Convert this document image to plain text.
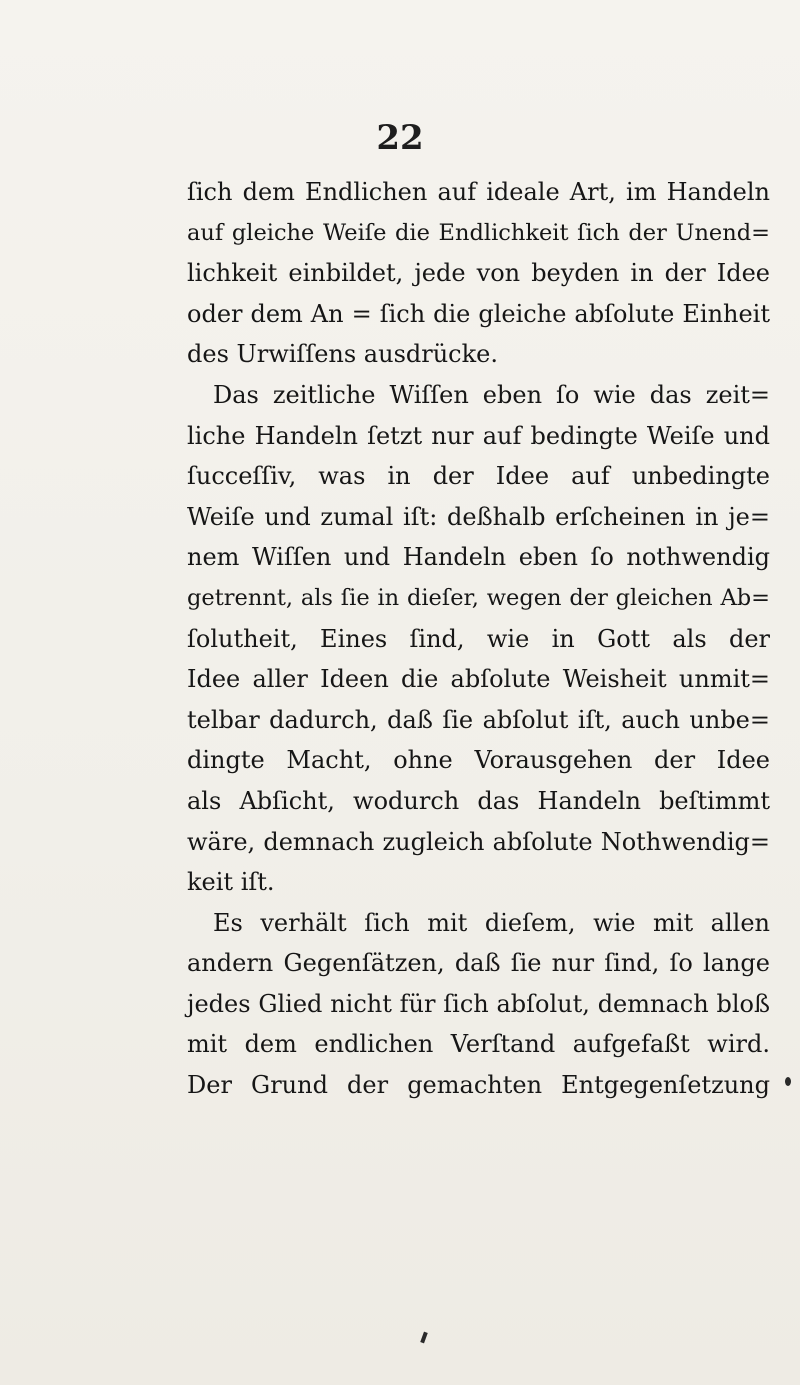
22
ſich dem Endlichen auf ideale Art, im Handeln
auf gleiche Weiſe die Endlichkeit ſich der Unend=
lichkeit einbildet, jede von beyden in der Idee
oder dem An = ſich die gleiche abſolute Einheit
des Urwiſſens ausdrücke.
Das zeitliche Wiſſen eben ſo wie das zeit=
liche Handeln ſetzt nur auf bedingte Weiſe und
ſucceſſiv, was in der Idee auf unbedingte
Weiſe und zumal iſt: deßhalb erſcheinen in je=
nem Wiſſen und Handeln eben ſo nothwendig
getrennt, als ſie in dieſer, wegen der gleichen Ab=
ſolutheit, Eines ſind, wie in Gott als der
Idee aller Ideen die abſolute Weisheit unmit=
telbar dadurch, daß ſie abſolut iſt, auch unbe=
dingte Macht, ohne Vorausgehen der Idee
als Abſicht, wodurch das Handeln beſtimmt
wäre, demnach zugleich abſolute Nothwendig=
keit iſt.
Es verhält ſich mit dieſem, wie mit allen
andern Gegenſätzen, daß ſie nur ſind, ſo lange
jedes Glied nicht für ſich abſolut, demnach bloß
mit dem endlichen Verſtand aufgefaßt wird.
Der Grund der gemachten Entgegenſetzung
